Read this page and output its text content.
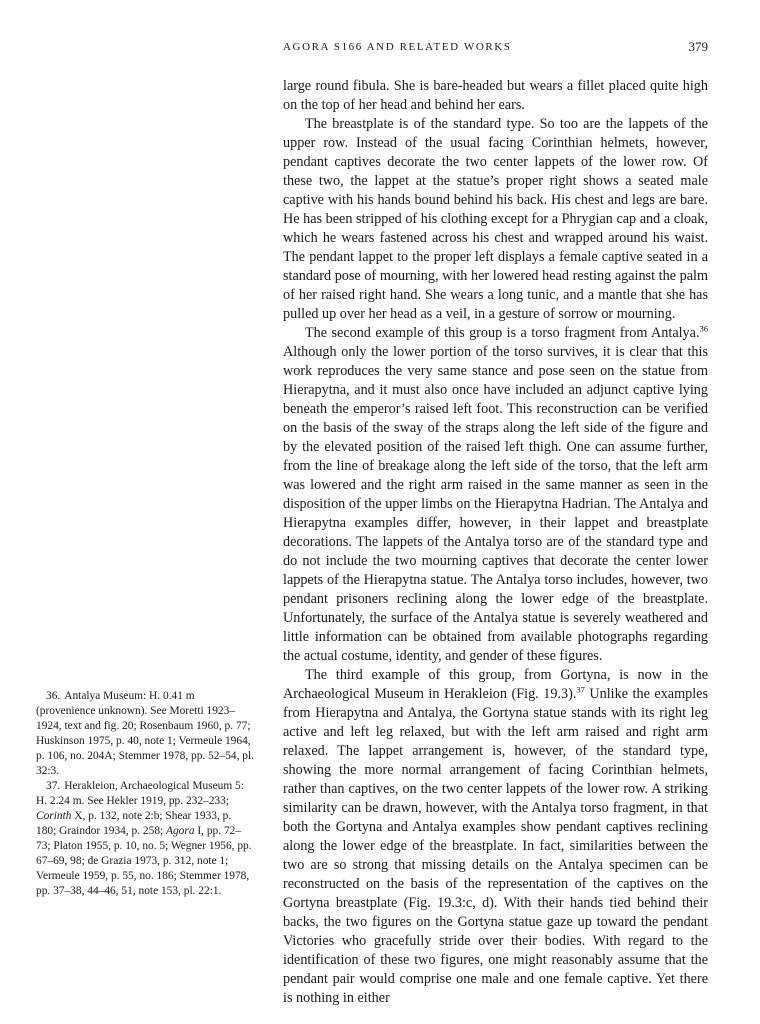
AGORA S166 AND RELATED WORKS	379

large round fibula. She is bare-headed but wears a fillet placed quite high on the top of her head and behind her ears.

The breastplate is of the standard type. So too are the lappets of the upper row. Instead of the usual facing Corinthian helmets, however, pendant captives decorate the two center lappets of the lower row. Of these two, the lappet at the statue’s proper right shows a seated male captive with his hands bound behind his back. His chest and legs are bare. He has been stripped of his clothing except for a Phrygian cap and a cloak, which he wears fastened across his chest and wrapped around his waist. The pendant lappet to the proper left displays a female captive seated in a standard pose of mourning, with her lowered head resting against the palm of her raised right hand. She wears a long tunic, and a mantle that she has pulled up over her head as a veil, in a gesture of sorrow or mourning.

The second example of this group is a torso fragment from Antalya.$^{36}$ Although only the lower portion of the torso survives, it is clear that this work reproduces the very same stance and pose seen on the statue from Hierapytna, and it must also once have included an adjunct captive lying beneath the emperor’s raised left foot. This reconstruction can be verified on the basis of the sway of the straps along the left side of the figure and by the elevated position of the raised left thigh. One can assume further, from the line of breakage along the left side of the torso, that the left arm was lowered and the right arm raised in the same manner as seen in the disposition of the upper limbs on the Hierapytna Hadrian. The Antalya and Hierapytna examples differ, however, in their lappet and breastplate decorations. The lappets of the Antalya torso are of the standard type and do not include the two mourning captives that decorate the center lower lappets of the Hierapytna statue. The Antalya torso includes, however, two pendant prisoners reclining along the lower edge of the breastplate. Unfortunately, the surface of the Antalya statue is severely weathered and little information can be obtained from available photographs regarding the actual costume, identity, and gender of these figures.

The third example of this group, from Gortyna, is now in the Archaeological Museum in Herakleion (Fig. 19.3).$^{37}$ Unlike the examples from Hierapytna and Antalya, the Gortyna statue stands with its right leg active and left leg relaxed, but with the left arm raised and right arm relaxed. The lappet arrangement is, however, of the standard type, showing the more normal arrangement of facing Corinthian helmets, rather than captives, on the two center lappets of the lower row. A striking similarity can be drawn, however, with the Antalya torso fragment, in that both the Gortyna and Antalya examples show pendant captives reclining along the lower edge of the breastplate. In fact, similarities between the two are so strong that missing details on the Antalya specimen can be reconstructed on the basis of the representation of the captives on the Gortyna breastplate (Fig. 19.3:c, d). With their hands tied behind their backs, the two figures on the Gortyna statue gaze up toward the pendant Victories who gracefully stride over their bodies. With regard to the identification of these two figures, one might reasonably assume that the pendant pair would comprise one male and one female captive. Yet there is nothing in either

36. Antalya Museum: H. 0.41 m (provenience unknown). See Moretti 1923–1924, text and fig. 20; Rosenbaum 1960, p. 77; Huskinson 1975, p. 40, note 1; Vermeule 1964, p. 106, no. 204A; Stemmer 1978, pp. 52–54, pl. 32:3.

37. Herakleion, Archaeological Museum 5: H. 2.24 m. See Hekler 1919, pp. 232–233; Corinth X, p. 132, note 2:b; Shear 1933, p. 180; Graindor 1934, p. 258; Agora I, pp. 72–73; Platon 1955, p. 10, no. 5; Wegner 1956, pp. 67–69, 98; de Grazia 1973, p. 312, note 1; Vermeule 1959, p. 55, no. 186; Stemmer 1978, pp. 37–38, 44–46, 51, note 153, pl. 22:1.
